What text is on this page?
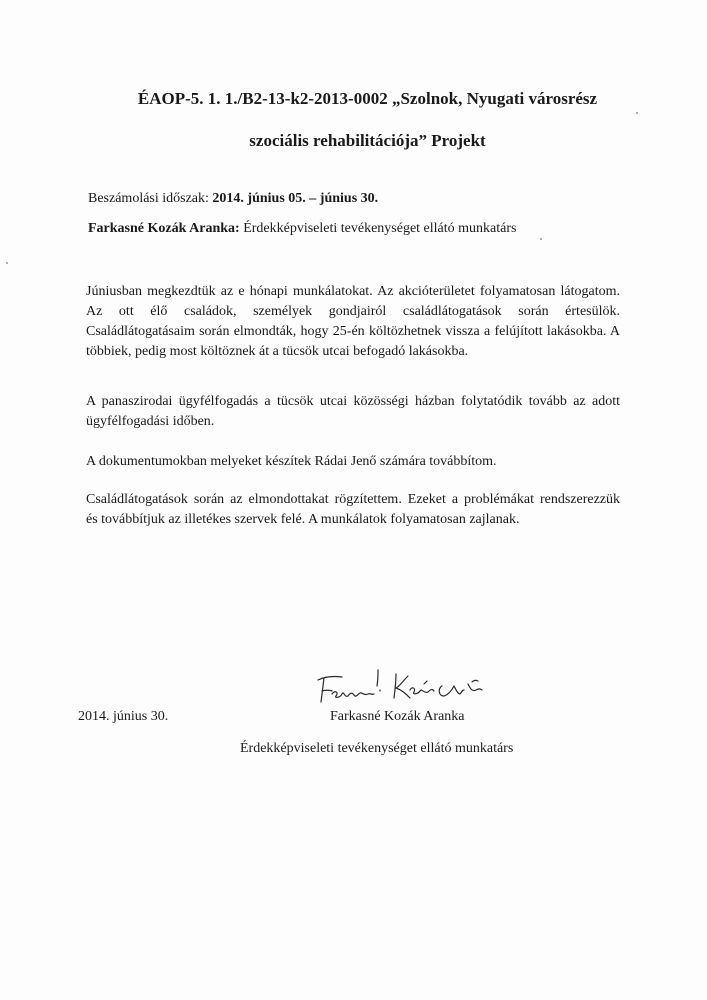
ÉAOP-5. 1. 1./B2-13-k2-2013-0002 „Szolnok, Nyugati városrész
szociális rehabilitációja” Projekt
Beszámolási időszak: 2014. június 05. – június 30.
Farkasné Kozák Aranka: Érdekképviseleti tevékenységet ellátó munkatárs
Júniusban megkezdtük az e hónapi munkálatokat. Az akcióterületet folyamatosan látogatom.
Az ott élő családok, személyek gondjairól családlátogatások során értesülök.
Családlátogatásaim során elmondták, hogy 25-én költözhetnek vissza a felújított lakásokba. A
többiek, pedig most költöznek át a tücsök utcai befogadó lakásokba.
A panaszirodai ügyfélfogadás a tücsök utcai közösségi házban folytatódik tovább az adott
ügyfélfogadási időben.
A dokumentumokban melyeket készítek Rádai Jenő számára továbbítom.
Családlátogatások során az elmondottakat rögzítettem. Ezeket a problémákat rendszerezzük
és továbbítjuk az illetékes szervek felé. A munkálatok folyamatosan zajlanak.
2014. június 30.	Farkasné Kozák Aranka
Érdekképviseleti tevékenységet ellátó munkatárs
